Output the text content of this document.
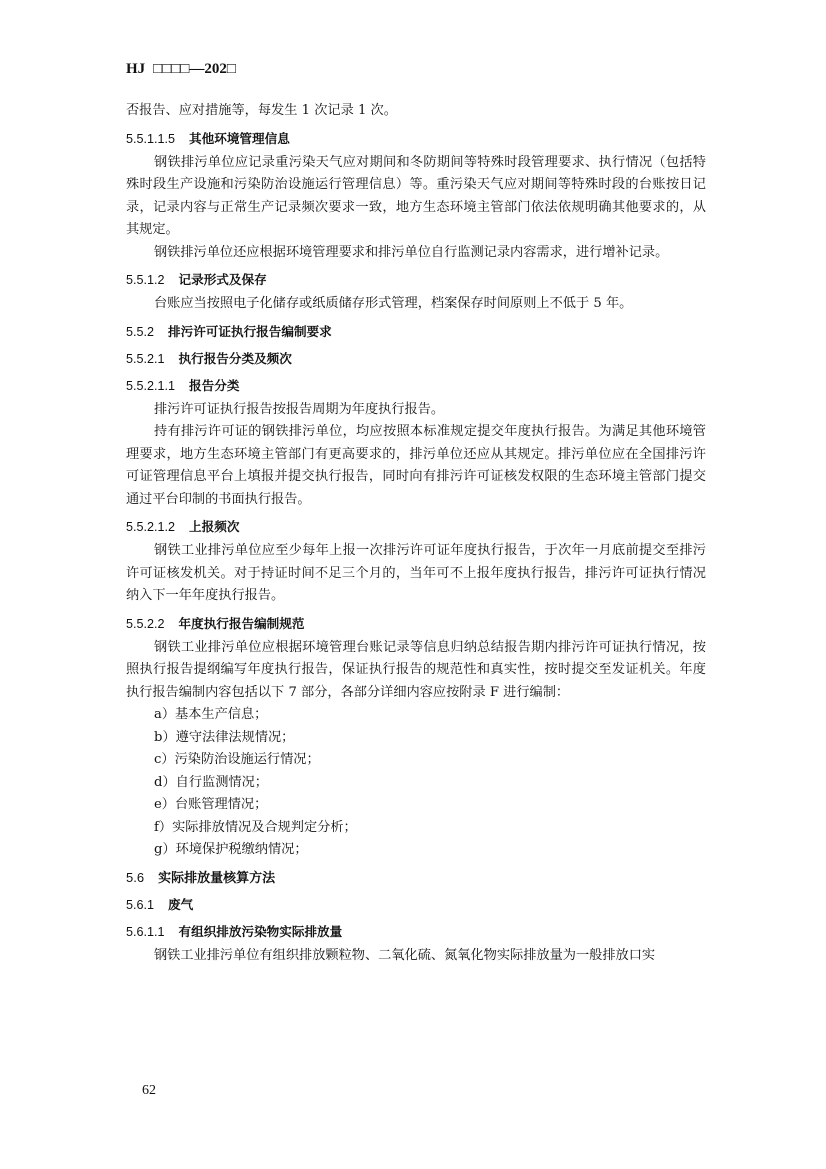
HJ □□□□—202□
否报告、应对措施等，每发生 1 次记录 1 次。
5.5.1.1.5 其他环境管理信息
钢铁排污单位应记录重污染天气应对期间和冬防期间等特殊时段管理要求、执行情况（包括特殊时段生产设施和污染防治设施运行管理信息）等。重污染天气应对期间等特殊时段的台账按日记录，记录内容与正常生产记录频次要求一致，地方生态环境主管部门依法依规明确其他要求的，从其规定。
钢铁排污单位还应根据环境管理要求和排污单位自行监测记录内容需求，进行增补记录。
5.5.1.2 记录形式及保存
台账应当按照电子化储存或纸质储存形式管理，档案保存时间原则上不低于 5 年。
5.5.2 排污许可证执行报告编制要求
5.5.2.1 执行报告分类及频次
5.5.2.1.1 报告分类
排污许可证执行报告按报告周期为年度执行报告。
持有排污许可证的钢铁排污单位，均应按照本标准规定提交年度执行报告。为满足其他环境管理要求，地方生态环境主管部门有更高要求的，排污单位还应从其规定。排污单位应在全国排污许可证管理信息平台上填报并提交执行报告，同时向有排污许可证核发权限的生态环境主管部门提交通过平台印制的书面执行报告。
5.5.2.1.2 上报频次
钢铁工业排污单位应至少每年上报一次排污许可证年度执行报告，于次年一月底前提交至排污许可证核发机关。对于持证时间不足三个月的，当年可不上报年度执行报告，排污许可证执行情况纳入下一年年度执行报告。
5.5.2.2 年度执行报告编制规范
钢铁工业排污单位应根据环境管理台账记录等信息归纳总结报告期内排污许可证执行情况，按照执行报告提纲编写年度执行报告，保证执行报告的规范性和真实性，按时提交至发证机关。年度执行报告编制内容包括以下 7 部分，各部分详细内容应按附录 F 进行编制：
a）基本生产信息；
b）遵守法律法规情况；
c）污染防治设施运行情况；
d）自行监测情况；
e）台账管理情况；
f）实际排放情况及合规判定分析；
g）环境保护税缴纳情况；
5.6 实际排放量核算方法
5.6.1 废气
5.6.1.1 有组织排放污染物实际排放量
钢铁工业排污单位有组织排放颗粒物、二氧化硫、氮氧化物实际排放量为一般排放口实
62
